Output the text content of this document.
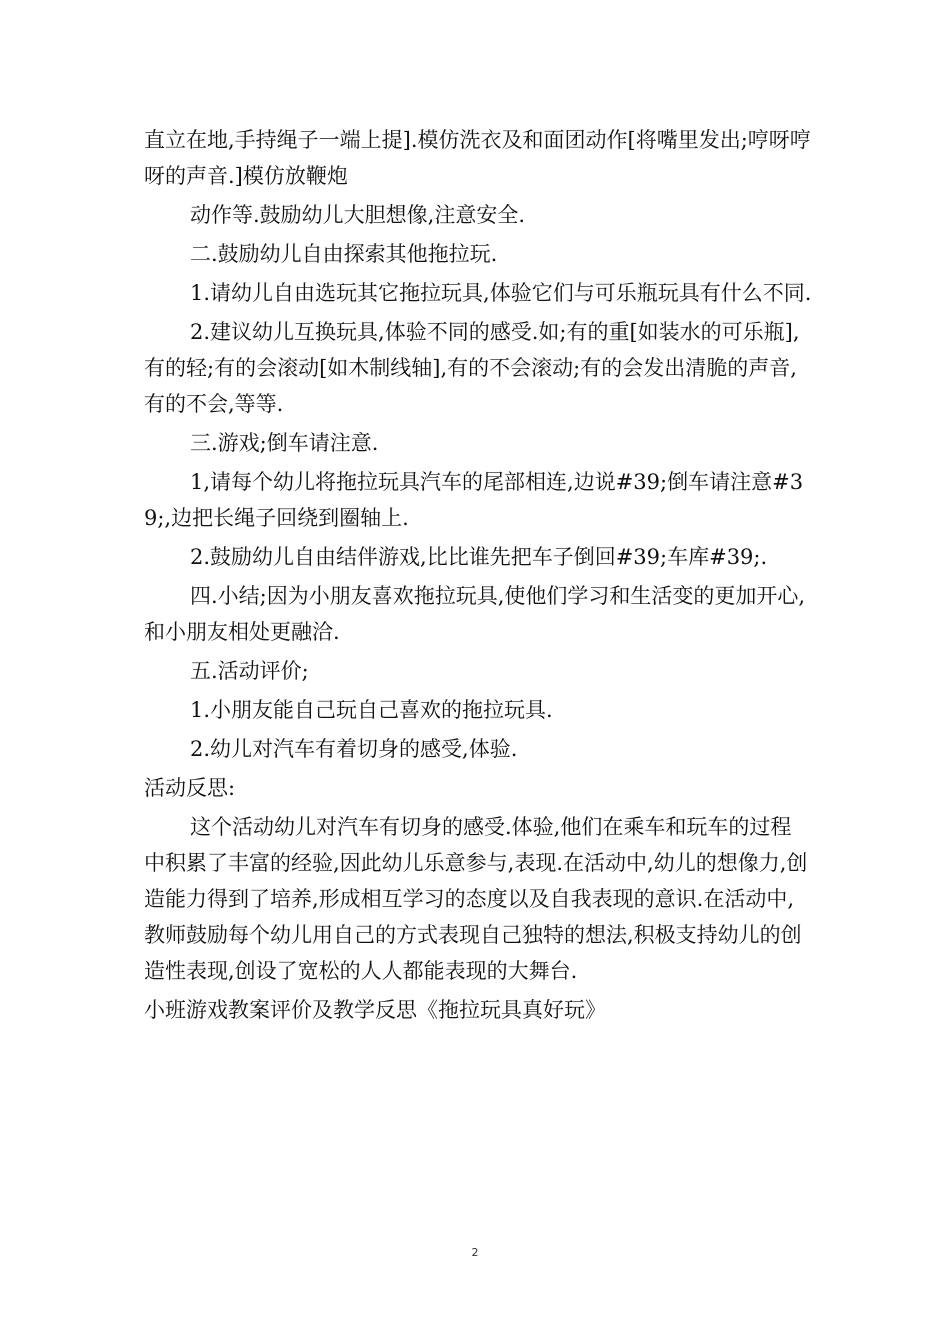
直立在地,手持绳子一端上提].模仿洗衣及和面团动作[将嘴里发出;哼呀哼呀的声音.]模仿放鞭炮

动作等.鼓励幼儿大胆想像,注意安全.

二.鼓励幼儿自由探索其他拖拉玩.

1.请幼儿自由选玩其它拖拉玩具,体验它们与可乐瓶玩具有什么不同.

2.建议幼儿互换玩具,体验不同的感受.如;有的重[如装水的可乐瓶],有的轻;有的会滚动[如木制线轴],有的不会滚动;有的会发出清脆的声音,有的不会,等等.

三.游戏;倒车请注意.

1,请每个幼儿将拖拉玩具汽车的尾部相连,边说#39;倒车请注意#39;,边把长绳子回绕到圈轴上.

2.鼓励幼儿自由结伴游戏,比比谁先把车子倒回#39;车库#39;.

四.小结;因为小朋友喜欢拖拉玩具,使他们学习和生活变的更加开心,和小朋友相处更融洽.

五.活动评价;

1.小朋友能自己玩自己喜欢的拖拉玩具.

2.幼儿对汽车有着切身的感受,体验.

活动反思:

这个活动幼儿对汽车有切身的感受.体验,他们在乘车和玩车的过程中积累了丰富的经验,因此幼儿乐意参与,表现.在活动中,幼儿的想像力,创造能力得到了培养,形成相互学习的态度以及自我表现的意识.在活动中,教师鼓励每个幼儿用自己的方式表现自己独特的想法,积极支持幼儿的创造性表现,创设了宽松的人人都能表现的大舞台.

小班游戏教案评价及教学反思《拖拉玩具真好玩》

2
